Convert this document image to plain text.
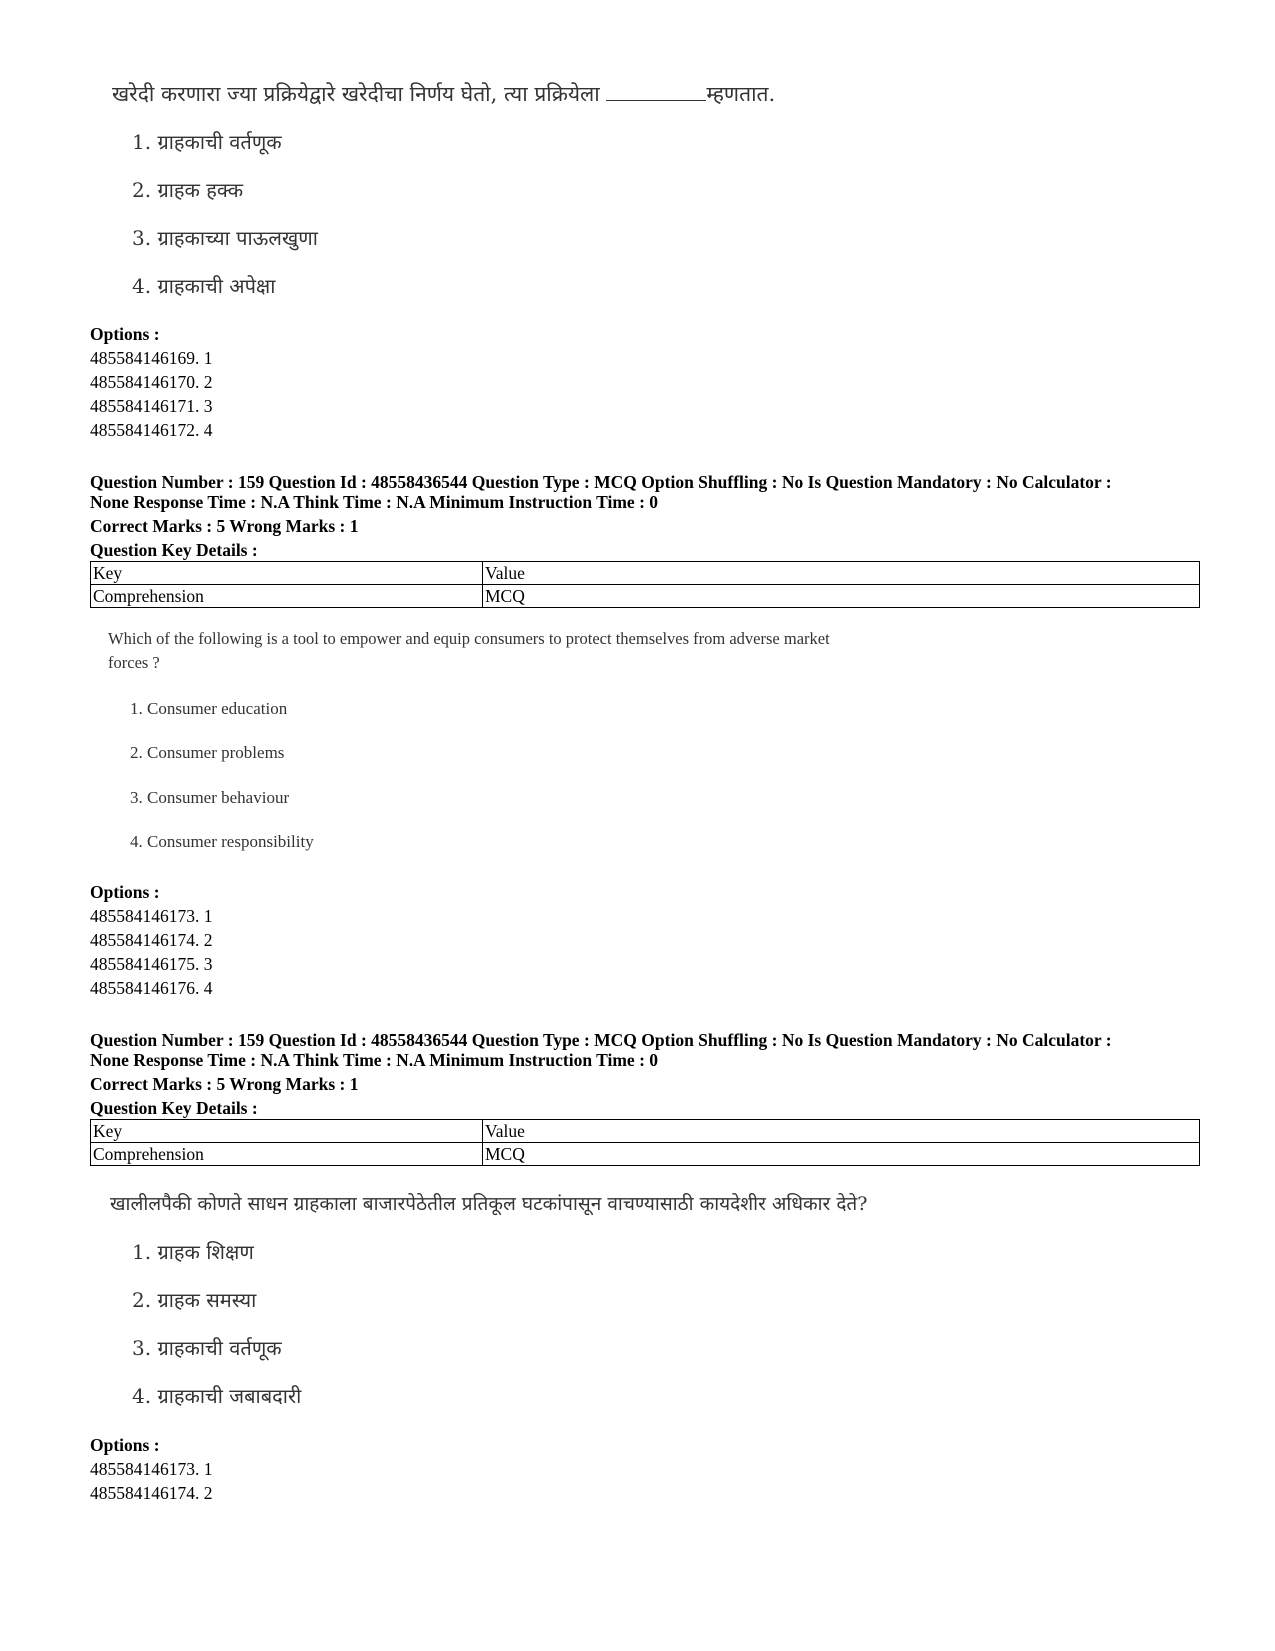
खरेदी करणारा ज्या प्रक्रियेद्वारे खरेदीचा निर्णय घेतो, त्या प्रक्रियेला	म्हणतात.
1. ग्राहकाची वर्तणूक
2. ग्राहक हक्क
3. ग्राहकाच्या पाऊलखुणा
4. ग्राहकाची अपेक्षा
Options :
485584146169. 1
485584146170. 2
485584146171. 3
485584146172. 4
Question Number : 159 Question Id : 48558436544 Question Type : MCQ Option Shuffling : No Is Question Mandatory : No Calculator :
None Response Time : N.A Think Time : N.A Minimum Instruction Time : 0
Correct Marks : 5 Wrong Marks : 1
Question Key Details :
Key	Value
Comprehension	MCQ
Which of the following is a tool to empower and equip consumers to protect themselves from adverse market
forces ?
1. Consumer education
2. Consumer problems
3. Consumer behaviour
4. Consumer responsibility
Options :
485584146173. 1
485584146174. 2
485584146175. 3
485584146176. 4
Question Number : 159 Question Id : 48558436544 Question Type : MCQ Option Shuffling : No Is Question Mandatory : No Calculator :
None Response Time : N.A Think Time : N.A Minimum Instruction Time : 0
Correct Marks : 5 Wrong Marks : 1
Question Key Details :
Key	Value
Comprehension	MCQ
खालीलपैकी कोणते साधन ग्राहकाला बाजारपेठेतील प्रतिकूल घटकांपासून वाचण्यासाठी कायदेशीर अधिकार देते?
1. ग्राहक शिक्षण
2. ग्राहक समस्या
3. ग्राहकाची वर्तणूक
4. ग्राहकाची जबाबदारी
Options :
485584146173. 1
485584146174. 2
